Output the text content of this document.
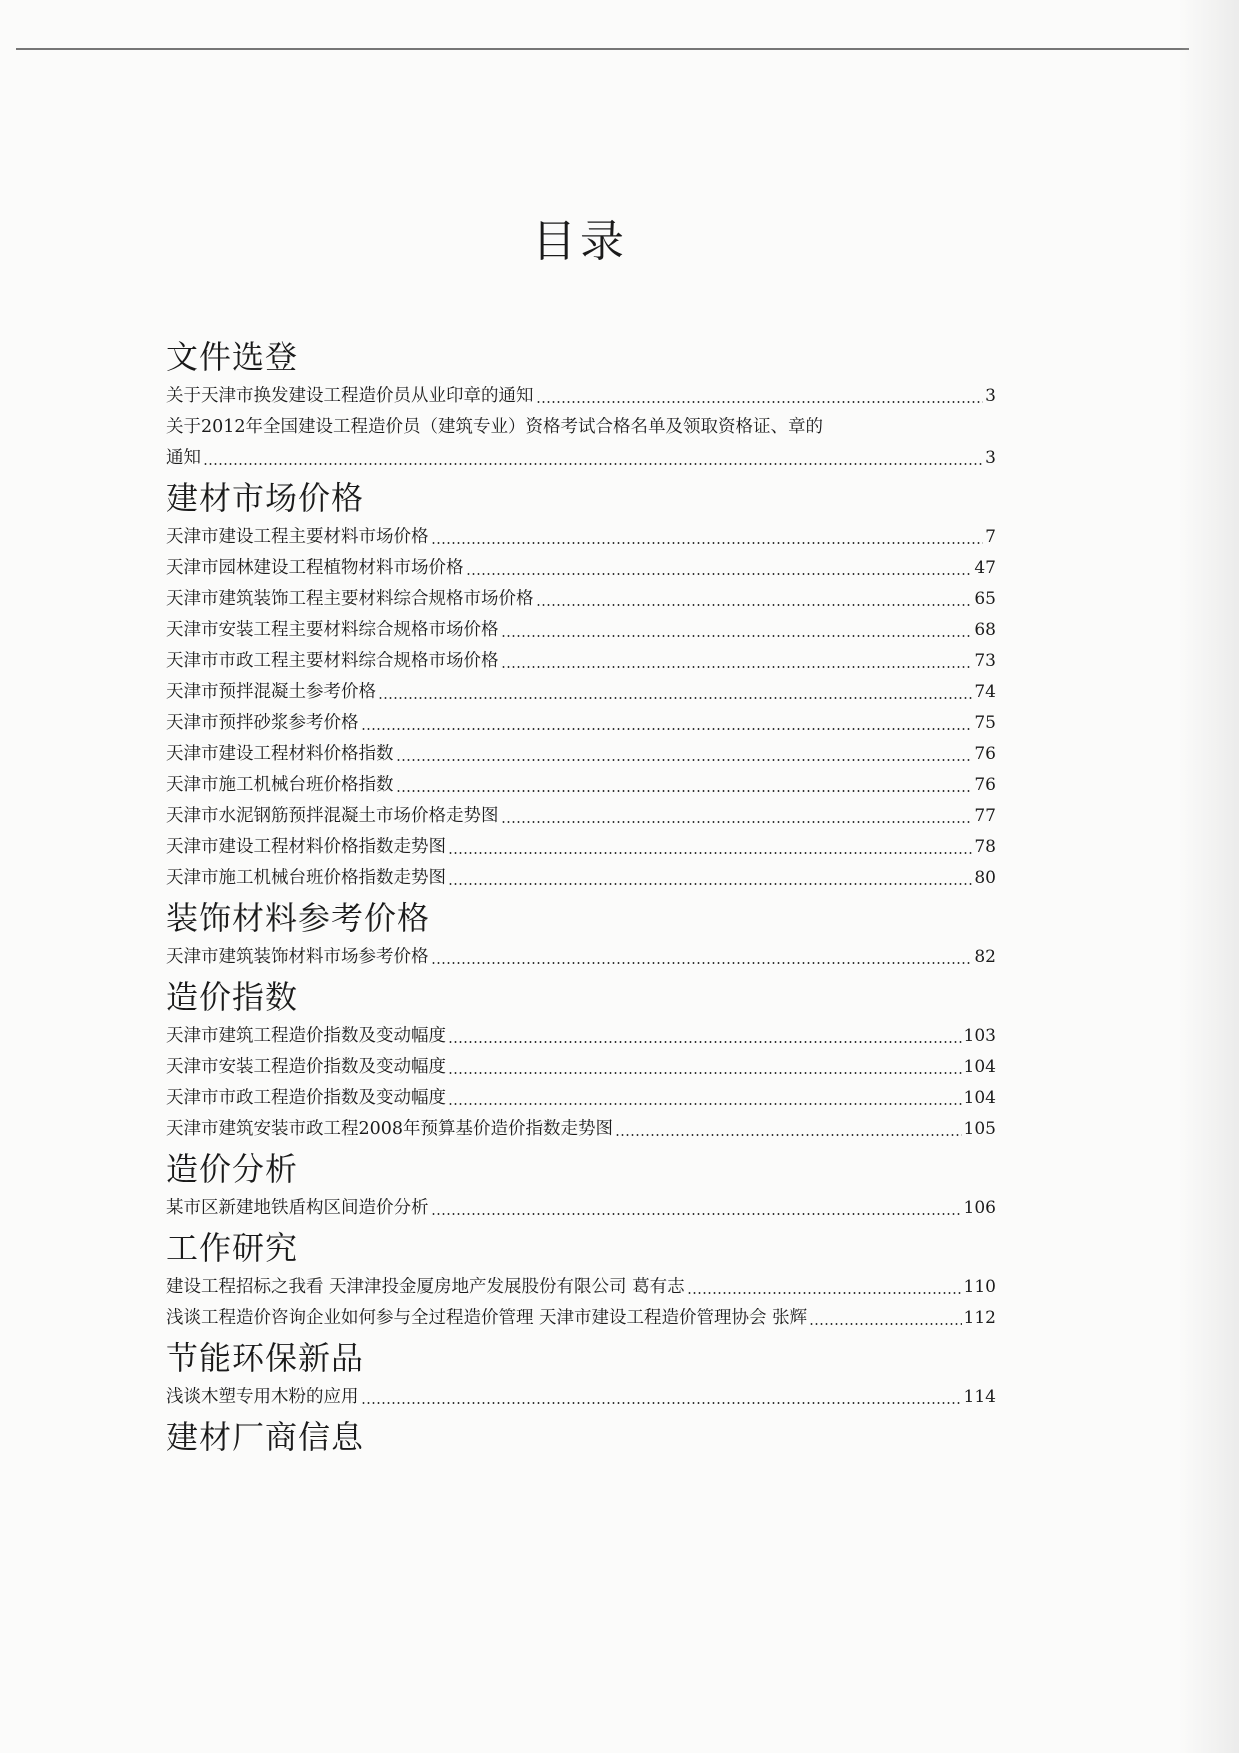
目录
文件选登
关于天津市换发建设工程造价员从业印章的通知	3
关于2012年全国建设工程造价员（建筑专业）资格考试合格名单及领取资格证、章的
通知	3
建材市场价格
天津市建设工程主要材料市场价格	7
天津市园林建设工程植物材料市场价格	47
天津市建筑装饰工程主要材料综合规格市场价格	65
天津市安装工程主要材料综合规格市场价格	68
天津市市政工程主要材料综合规格市场价格	73
天津市预拌混凝土参考价格	74
天津市预拌砂浆参考价格	75
天津市建设工程材料价格指数	76
天津市施工机械台班价格指数	76
天津市水泥钢筋预拌混凝土市场价格走势图	77
天津市建设工程材料价格指数走势图	78
天津市施工机械台班价格指数走势图	80
装饰材料参考价格
天津市建筑装饰材料市场参考价格	82
造价指数
天津市建筑工程造价指数及变动幅度	103
天津市安装工程造价指数及变动幅度	104
天津市市政工程造价指数及变动幅度	104
天津市建筑安装市政工程2008年预算基价造价指数走势图	105
造价分析
某市区新建地铁盾构区间造价分析	106
工作研究
建设工程招标之我看 天津津投金厦房地产发展股份有限公司 葛有志	110
浅谈工程造价咨询企业如何参与全过程造价管理 天津市建设工程造价管理协会 张辉	112
节能环保新品
浅谈木塑专用木粉的应用	114
建材厂商信息
